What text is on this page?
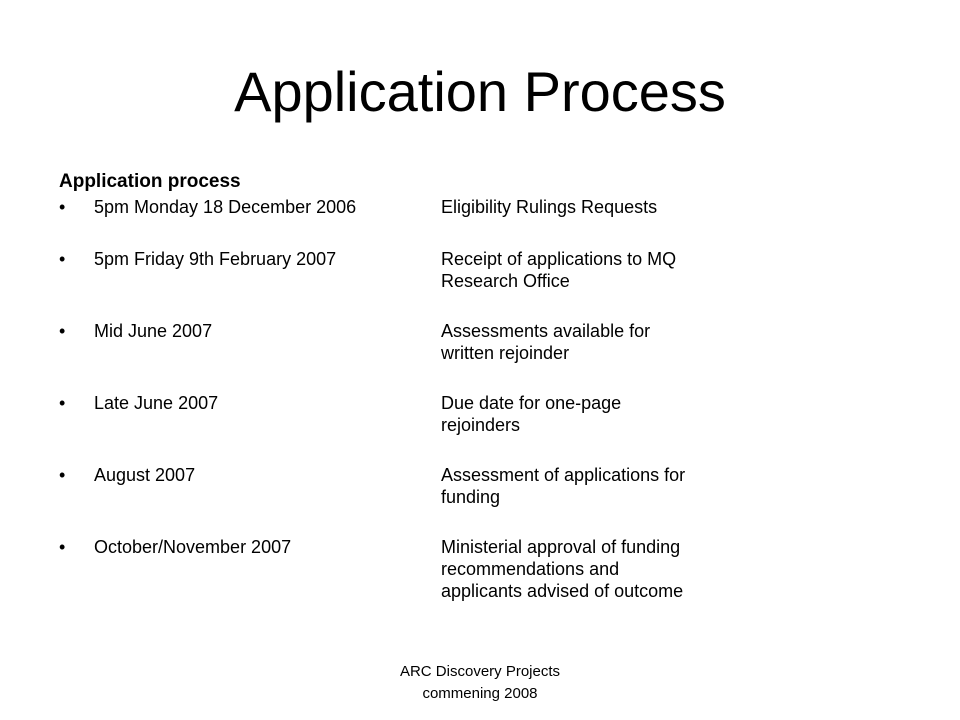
Application Process

Application process

•	5pm Monday 18 December 2006	Eligibility Rulings Requests
•	5pm Friday 9th February 2007	Receipt of applications to MQ
Research Office
•	Mid June 2007	Assessments available for
written rejoinder
•	Late June 2007	Due date for one-page
rejoinders
•	August 2007	Assessment of applications for
funding
•	October/November 2007	Ministerial approval of funding
recommendations and
applicants advised of outcome
ARC Discovery Projects
commening 2008
